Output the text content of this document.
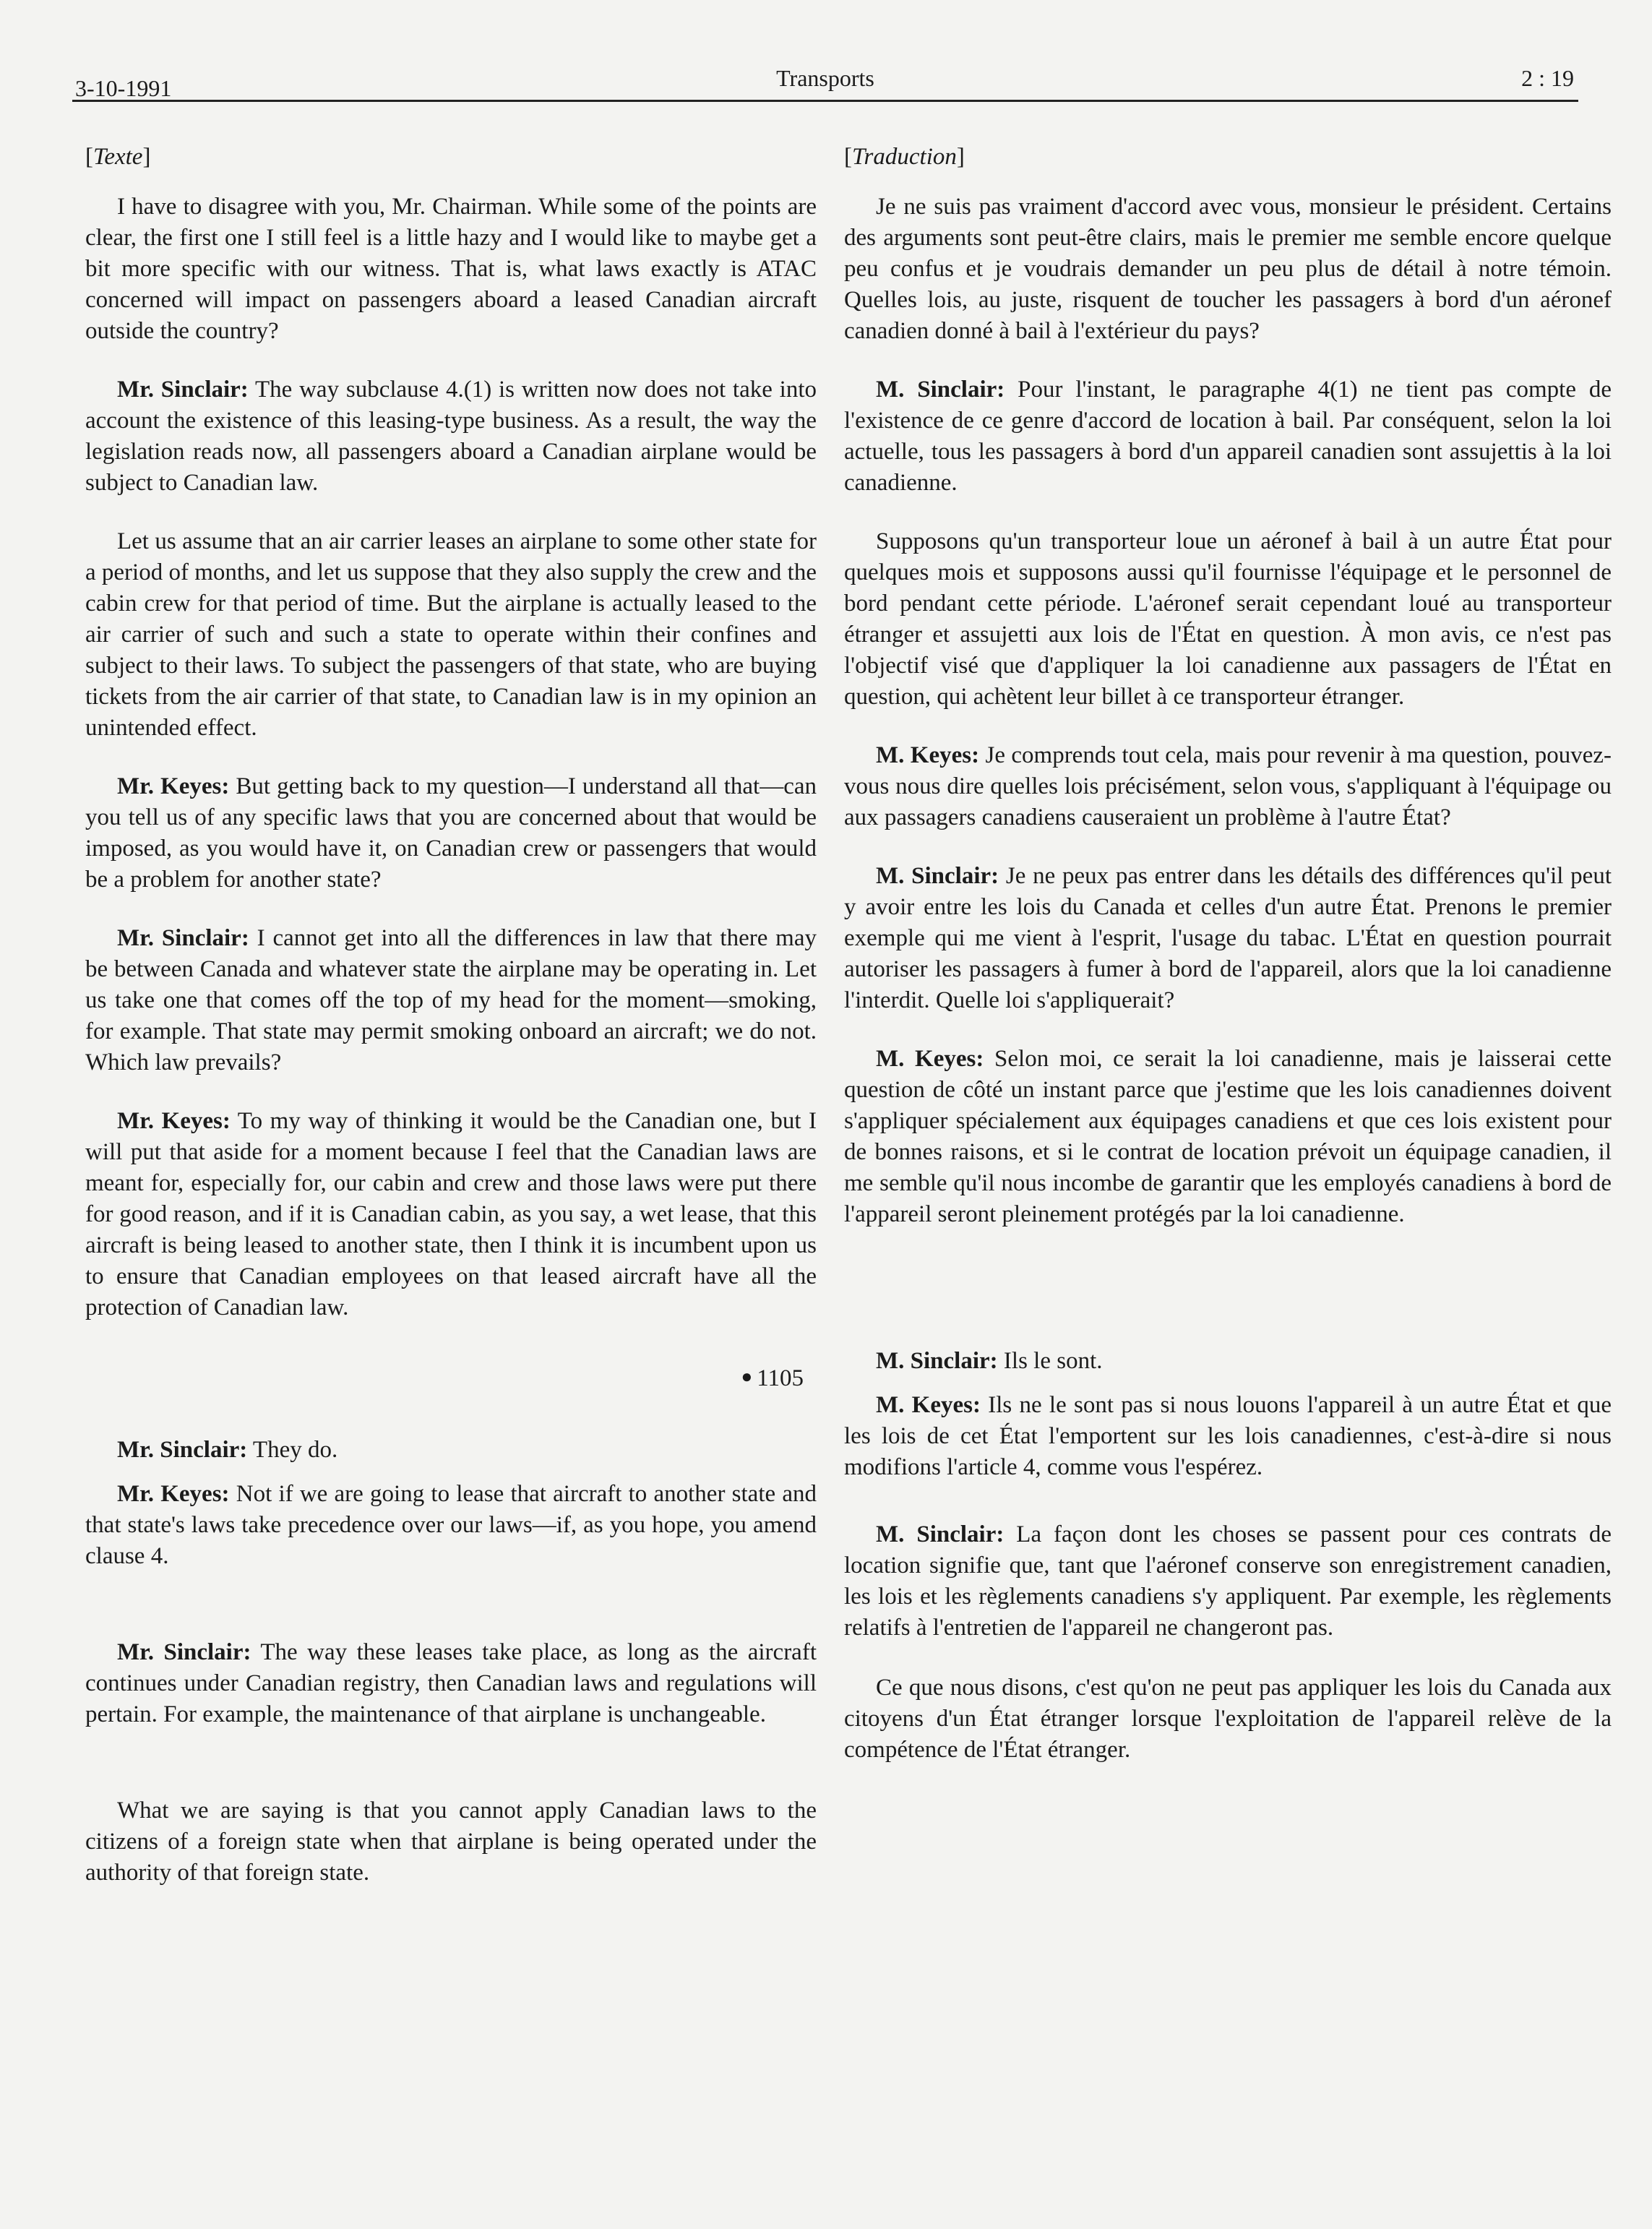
3-10-1991	Transports	2 : 19

[Texte]

I have to disagree with you, Mr. Chairman. While some of the points are clear, the first one I still feel is a little hazy and I would like to maybe get a bit more specific with our witness. That is, what laws exactly is ATAC concerned will impact on passengers aboard a leased Canadian aircraft outside the country?

Mr. Sinclair: The way subclause 4.(1) is written now does not take into account the existence of this leasing-type business. As a result, the way the legislation reads now, all passengers aboard a Canadian airplane would be subject to Canadian law.

Let us assume that an air carrier leases an airplane to some other state for a period of months, and let us suppose that they also supply the crew and the cabin crew for that period of time. But the airplane is actually leased to the air carrier of such and such a state to operate within their confines and subject to their laws. To subject the passengers of that state, who are buying tickets from the air carrier of that state, to Canadian law is in my opinion an unintended effect.

Mr. Keyes: But getting back to my question—I understand all that—can you tell us of any specific laws that you are concerned about that would be imposed, as you would have it, on Canadian crew or passengers that would be a problem for another state?

Mr. Sinclair: I cannot get into all the differences in law that there may be between Canada and whatever state the airplane may be operating in. Let us take one that comes off the top of my head for the moment—smoking, for example. That state may permit smoking onboard an aircraft; we do not. Which law prevails?

Mr. Keyes: To my way of thinking it would be the Canadian one, but I will put that aside for a moment because I feel that the Canadian laws are meant for, especially for, our cabin and crew and those laws were put there for good reason, and if it is Canadian cabin, as you say, a wet lease, that this aircraft is being leased to another state, then I think it is incumbent upon us to ensure that Canadian employees on that leased aircraft have all the protection of Canadian law.

● 1105

Mr. Sinclair: They do.

Mr. Keyes: Not if we are going to lease that aircraft to another state and that state's laws take precedence over our laws—if, as you hope, you amend clause 4.

Mr. Sinclair: The way these leases take place, as long as the aircraft continues under Canadian registry, then Canadian laws and regulations will pertain. For example, the maintenance of that airplane is unchangeable.

What we are saying is that you cannot apply Canadian laws to the citizens of a foreign state when that airplane is being operated under the authority of that foreign state.

[Traduction]

Je ne suis pas vraiment d'accord avec vous, monsieur le président. Certains des arguments sont peut-être clairs, mais le premier me semble encore quelque peu confus et je voudrais demander un peu plus de détail à notre témoin. Quelles lois, au juste, risquent de toucher les passagers à bord d'un aéronef canadien donné à bail à l'extérieur du pays?

M. Sinclair: Pour l'instant, le paragraphe 4(1) ne tient pas compte de l'existence de ce genre d'accord de location à bail. Par conséquent, selon la loi actuelle, tous les passagers à bord d'un appareil canadien sont assujettis à la loi canadienne.

Supposons qu'un transporteur loue un aéronef à bail à un autre État pour quelques mois et supposons aussi qu'il fournisse l'équipage et le personnel de bord pendant cette période. L'aéronef serait cependant loué au transporteur étranger et assujetti aux lois de l'État en question. À mon avis, ce n'est pas l'objectif visé que d'appliquer la loi canadienne aux passagers de l'État en question, qui achètent leur billet à ce transporteur étranger.

M. Keyes: Je comprends tout cela, mais pour revenir à ma question, pouvez-vous nous dire quelles lois précisément, selon vous, s'appliquant à l'équipage ou aux passagers canadiens causeraient un problème à l'autre État?

M. Sinclair: Je ne peux pas entrer dans les détails des différences qu'il peut y avoir entre les lois du Canada et celles d'un autre État. Prenons le premier exemple qui me vient à l'esprit, l'usage du tabac. L'État en question pourrait autoriser les passagers à fumer à bord de l'appareil, alors que la loi canadienne l'interdit. Quelle loi s'appliquerait?

M. Keyes: Selon moi, ce serait la loi canadienne, mais je laisserai cette question de côté un instant parce que j'estime que les lois canadiennes doivent s'appliquer spécialement aux équipages canadiens et que ces lois existent pour de bonnes raisons, et si le contrat de location prévoit un équipage canadien, il me semble qu'il nous incombe de garantir que les employés canadiens à bord de l'appareil seront pleinement protégés par la loi canadienne.

M. Sinclair: Ils le sont.

M. Keyes: Ils ne le sont pas si nous louons l'appareil à un autre État et que les lois de cet État l'emportent sur les lois canadiennes, c'est-à-dire si nous modifions l'article 4, comme vous l'espérez.

M. Sinclair: La façon dont les choses se passent pour ces contrats de location signifie que, tant que l'aéronef conserve son enregistrement canadien, les lois et les règlements canadiens s'y appliquent. Par exemple, les règlements relatifs à l'entretien de l'appareil ne changeront pas.

Ce que nous disons, c'est qu'on ne peut pas appliquer les lois du Canada aux citoyens d'un État étranger lorsque l'exploitation de l'appareil relève de la compétence de l'État étranger.
